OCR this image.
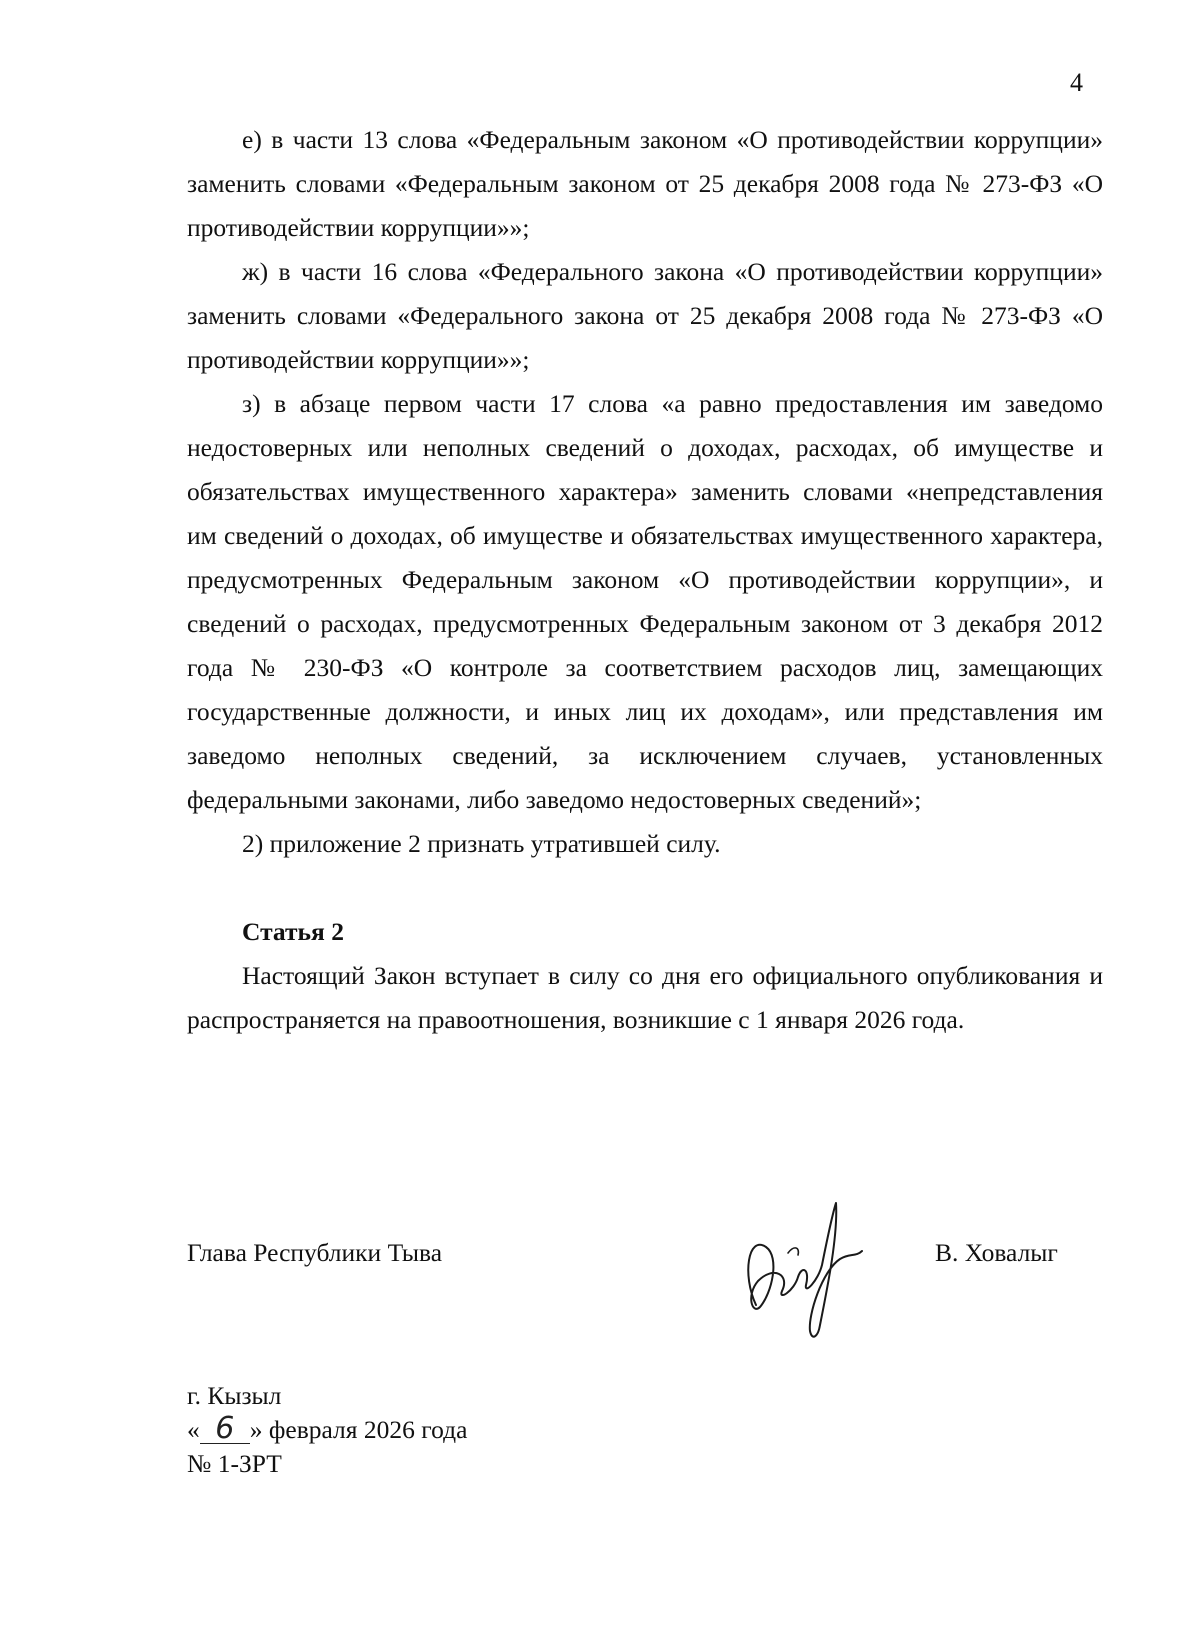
4

е) в части 13 слова «Федеральным законом «О противодействии коррупции» заменить словами «Федеральным законом от 25 декабря 2008 года № 273-ФЗ «О противодействии коррупции»»;

ж) в части 16 слова «Федерального закона «О противодействии коррупции» заменить словами «Федерального закона от 25 декабря 2008 года № 273-ФЗ «О противодействии коррупции»»;

з) в абзаце первом части 17 слова «а равно предоставления им заведомо недостоверных или неполных сведений о доходах, расходах, об имуществе и обязательствах имущественного характера» заменить словами «непредставления им сведений о доходах, об имуществе и обязательствах имущественного характера, предусмотренных Федеральным законом «О противодействии коррупции», и сведений о расходах, предусмотренных Федеральным законом от 3 декабря 2012 года № 230-ФЗ «О контроле за соответствием расходов лиц, замещающих государственные должности, и иных лиц их доходам», или представления им заведомо неполных сведений, за исключением случаев, установленных федеральными законами, либо заведомо недостоверных сведений»;

2) приложение 2 признать утратившей силу.

Статья 2

Настоящий Закон вступает в силу со дня его официального опубликования и распространяется на правоотношения, возникшие с 1 января 2026 года.

Глава Республики Тыва	В. Ховалыг
г. Кызыл
« 6 » февраля 2026 года
№ 1-ЗРТ
